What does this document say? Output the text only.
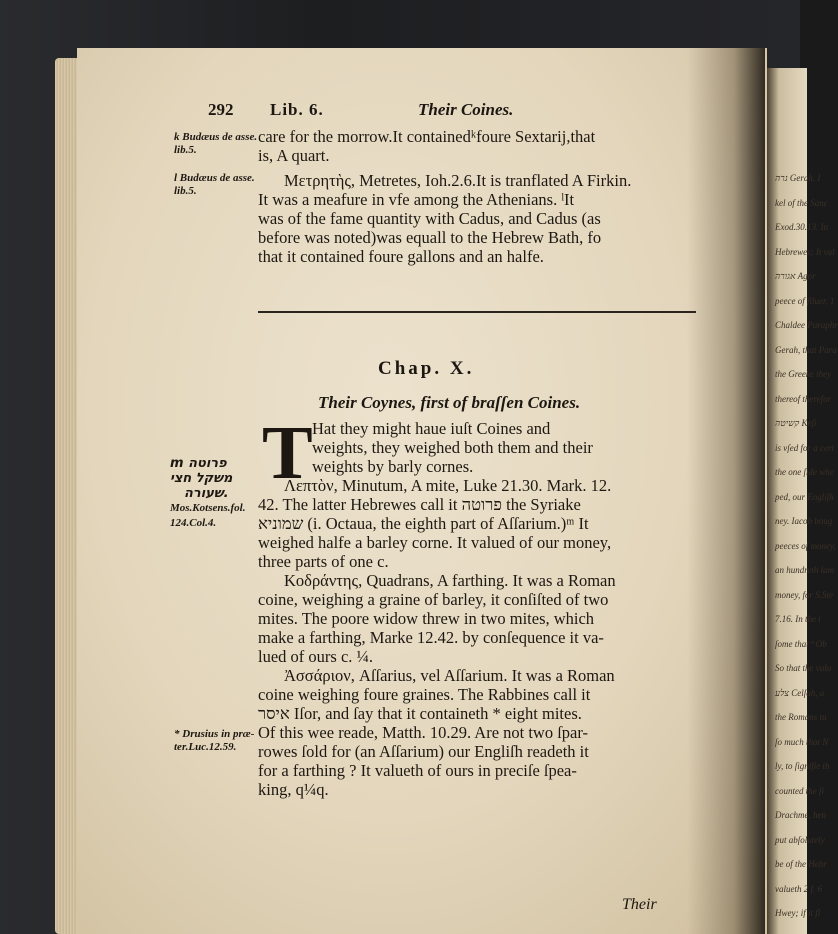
גרה Gerah. I
kel of the Sanc
Exod.30.13. In
Hebrewes; It val
אגורה Agor
peece of ſiluer, 1
Chaldee Paraphr
Gerah, that Para
the Greeke they
thereof therefor
קשיטה Keſi
is vſed for a cert
the one ſide whe
ped, our Engliſh
ney. Iacob boug
peeces of money,
an hundreth lam
money, for S.Ste
7.16. In the i
ſome that ª Ob
So that the valu
צלע Celſah, a
the Romans tu
ſo much that N
ly, to ſignifie th
counted the ſi
Drachme, hen
put abſolutely
be of the Hebr
valueth 2 ſ. 6
Hwey; if it fl
292 Lib. 6.	Their Coines.
k Budæus de asse.
lib.5.
l Budæus de asse.
lib.5.
m פרוטה
משקל חצי
שעורה.
Mos.Kotsens.fol.
124.Col.4.
* Drusius in præ-
ter.Luc.12.59.
care for the morrow.It containedᵏfoure Sextarij,that
is, A quart.
Μετρητὴς, Metretes, Ioh.2.6.It is tranflated A Firkin.
It was a meafure in vfe among the Athenians. ˡIt
was of the fame quantity with Cadus, and Cadus (as
before was noted)was equall to the Hebrew Bath, fo
that it contained foure gallons and an halfe.
Chap. X.
Their Coynes, first of braſſen Coines.
T Hat they might haue iuſt Coines and
weights, they weighed both them and their
weights by barly cornes.
Λεπτὸν, Minutum, A mite, Luke 21.30. Mark. 12.
42. The latter Hebrewes call it פרוטה the Syriake
שמוניא (i. Octaua, the eighth part of Aſſarium.)ᵐ It
weighed halfe a barley corne. It valued of our money,
three parts of one c.
Κοδράντης, Quadrans, A farthing. It was a Roman
coine, weighing a graine of barley, it conſiſted of two
mites. The poore widow threw in two mites, which
make a farthing, Marke 12.42. by conſequence it va-
lued of ours c. ¼.
Ἀσσάριον, Aſſarius, vel Aſſarium. It was a Roman
coine weighing foure graines. The Rabbines call it
איסר Iſor, and ſay that it containeth * eight mites.
Of this wee reade, Matth. 10.29. Are not two ſpar-
rowes ſold for (an Aſſarium) our Engliſh readeth it
for a farthing ? It valueth of ours in preciſe ſpea-
king, q¼q.
Their
